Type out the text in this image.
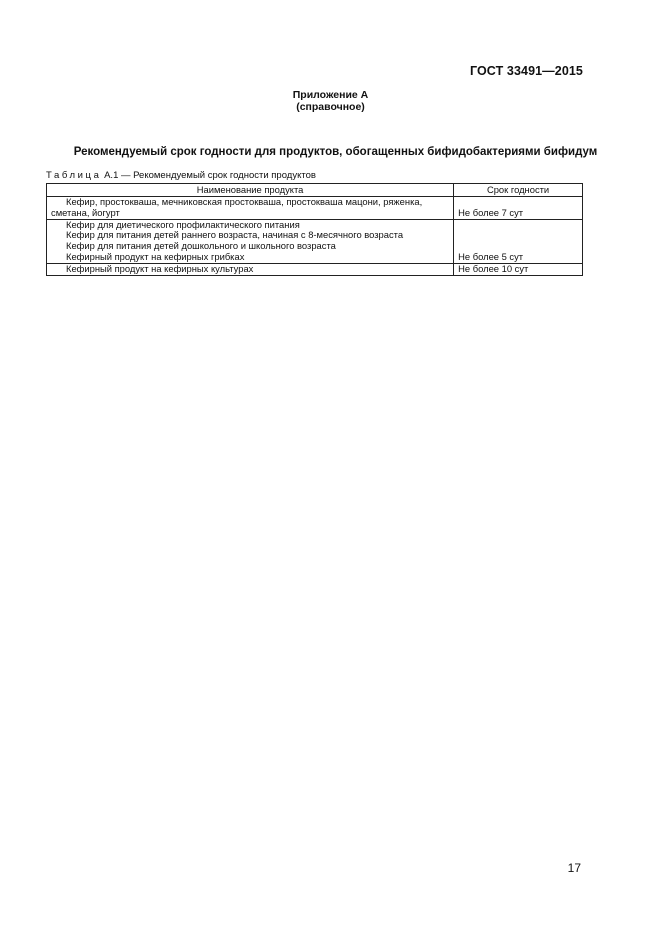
ГОСТ 33491—2015
Приложение А
(справочное)
Рекомендуемый срок годности для продуктов, обогащенных бифидобактериями бифидум
Таблица А.1 — Рекомендуемый срок годности продуктов
Наименование продукта	Срок годности

Кефир, простокваша, мечниковская простокваша, простокваша мацони, ряженка,
сметана, йогурт	Не более 7 сут

Кефир для диетического профилактического питания
Кефир для питания детей раннего возраста, начиная с 8-месячного возраста
Кефир для питания детей дошкольного и школьного возраста
Кефирный продукт на кефирных грибках	Не более 5 сут

Кефирный продукт на кефирных культурах	Не более 10 сут
17
